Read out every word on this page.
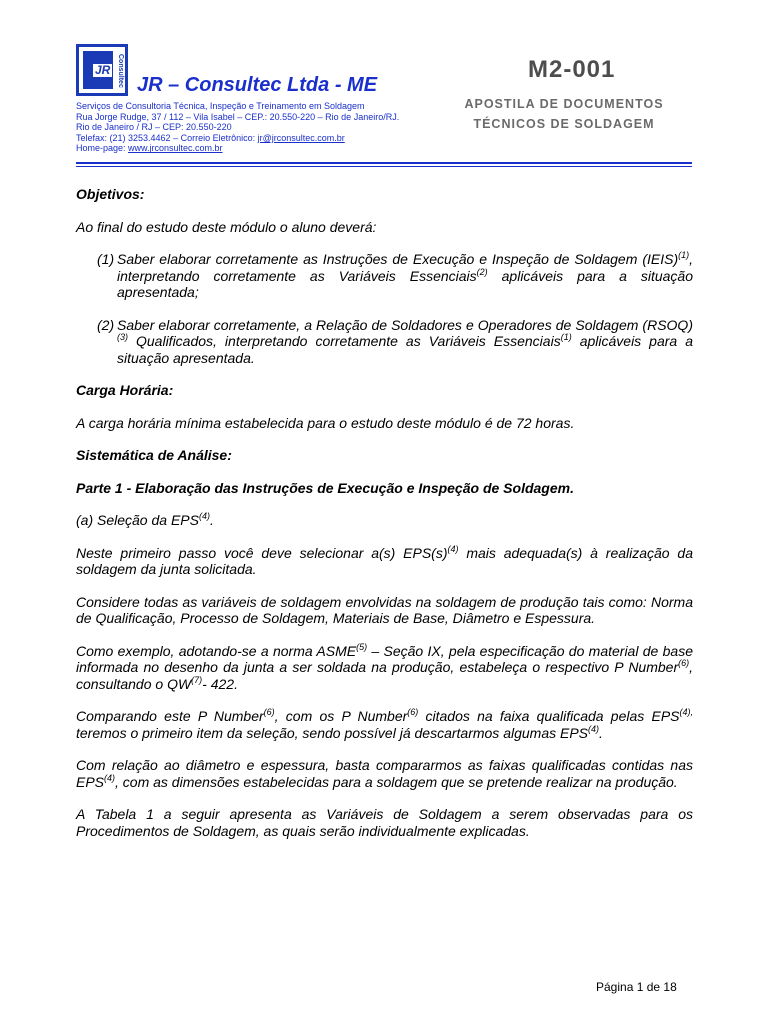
JR Consultec JR – Consultec Ltda - ME
Serviços de Consultoria Técnica, Inspeção e Treinamento em Soldagem
Rua Jorge Rudge, 37 / 112 – Vila Isabel – CEP.: 20.550-220 – Rio de Janeiro/RJ.
Rio de Janeiro / RJ – CEP: 20.550-220
Telefax: (21) 3253.4462 – Correio Eletrônico: jr@jrconsultec.com.br
Home-page: www.jrconsultec.com.br
M2-001
APOSTILA DE DOCUMENTOS
TÉCNICOS DE SOLDAGEM

Objetivos:

Ao final do estudo deste módulo o aluno deverá:

(1) Saber elaborar corretamente as Instruções de Execução e Inspeção de Soldagem (IEIS)$^{(1)}$, interpretando corretamente as Variáveis Essenciais$^{(2)}$ aplicáveis para a situação apresentada;
(2) Saber elaborar corretamente, a Relação de Soldadores e Operadores de Soldagem (RSOQ)$^{(3)}$ Qualificados, interpretando corretamente as Variáveis Essenciais$^{(1)}$ aplicáveis para a situação apresentada.

Carga Horária:

A carga horária mínima estabelecida para o estudo deste módulo é de 72 horas.

Sistemática de Análise:

Parte 1 - Elaboração das Instruções de Execução e Inspeção de Soldagem.

(a) Seleção da EPS$^{(4)}$.

Neste primeiro passo você deve selecionar a(s) $EPS(s)^{(4)}$ mais adequada(s) à realização da soldagem da junta solicitada.

Considere todas as variáveis de soldagem envolvidas na soldagem de produção tais como: Norma de Qualificação, Processo de Soldagem, Materiais de Base, Diâmetro e Espessura.

Como exemplo, adotando-se a norma ASME$^{(5)}$ – Seção IX, pela especificação do material de base informada no desenho da junta a ser soldada na produção, estabeleça o respectivo P Number$^{(6)}$, consultando o QW$^{(7)}$- 422.

Comparando este P Number$^{(6)}$, com os P Number$^{(6)}$ citados na faixa qualificada pelas $EPS^{(4),}$ teremos o primeiro item da seleção, sendo possível já descartarmos algumas EPS$^{(4)}$.

Com relação ao diâmetro e espessura, basta compararmos as faixas qualificadas contidas nas EPS$^{(4)}$, com as dimensões estabelecidas para a soldagem que se pretende realizar na produção.

A Tabela 1 a seguir apresenta as Variáveis de Soldagem a serem observadas para os Procedimentos de Soldagem, as quais serão individualmente explicadas.

Página 1 de 18
